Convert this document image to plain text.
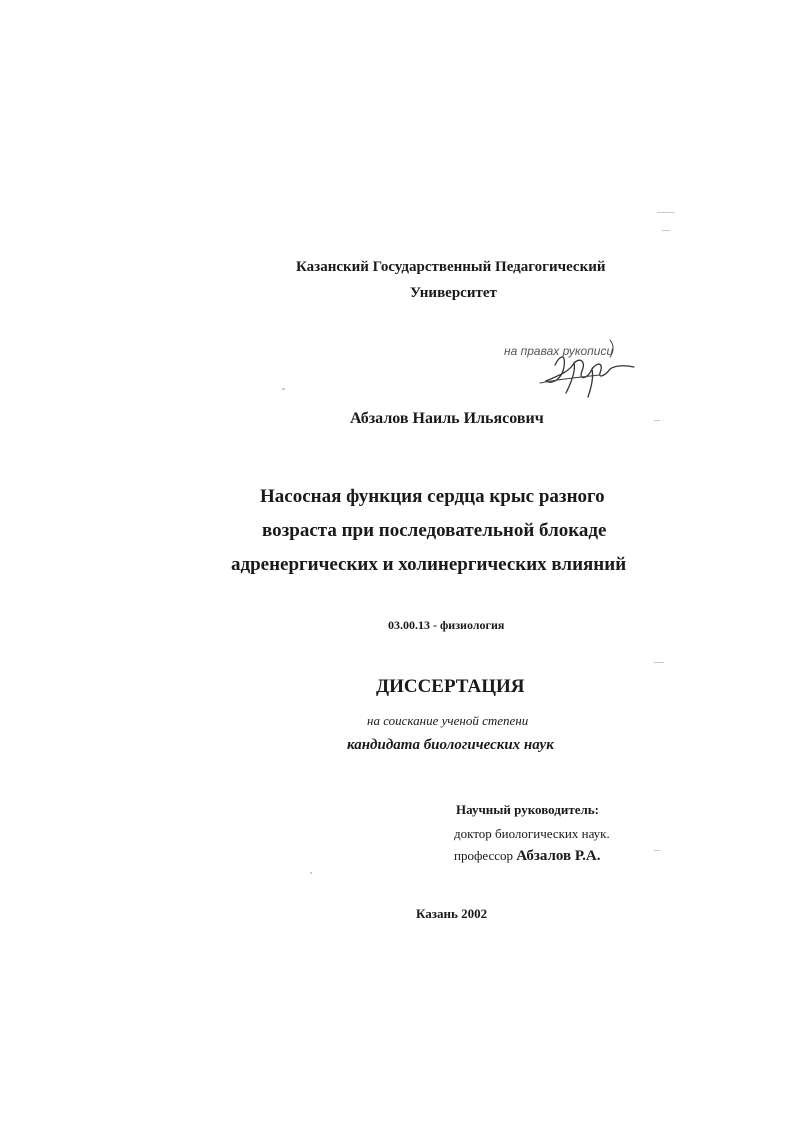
Казанский Государственный Педагогический
Университет
на правах рукописи
Абзалов Наиль Ильясович
Насосная функция сердца крыс разного
возраста при последовательной блокаде
адренергических и холинергических влияний
03.00.13 - физиология
ДИССЕРТАЦИЯ
на соискание ученой степени
кандидата биологических наук
Научный руководитель:
доктор биологических наук.
профессор Абзалов Р.А.
Казань 2002
